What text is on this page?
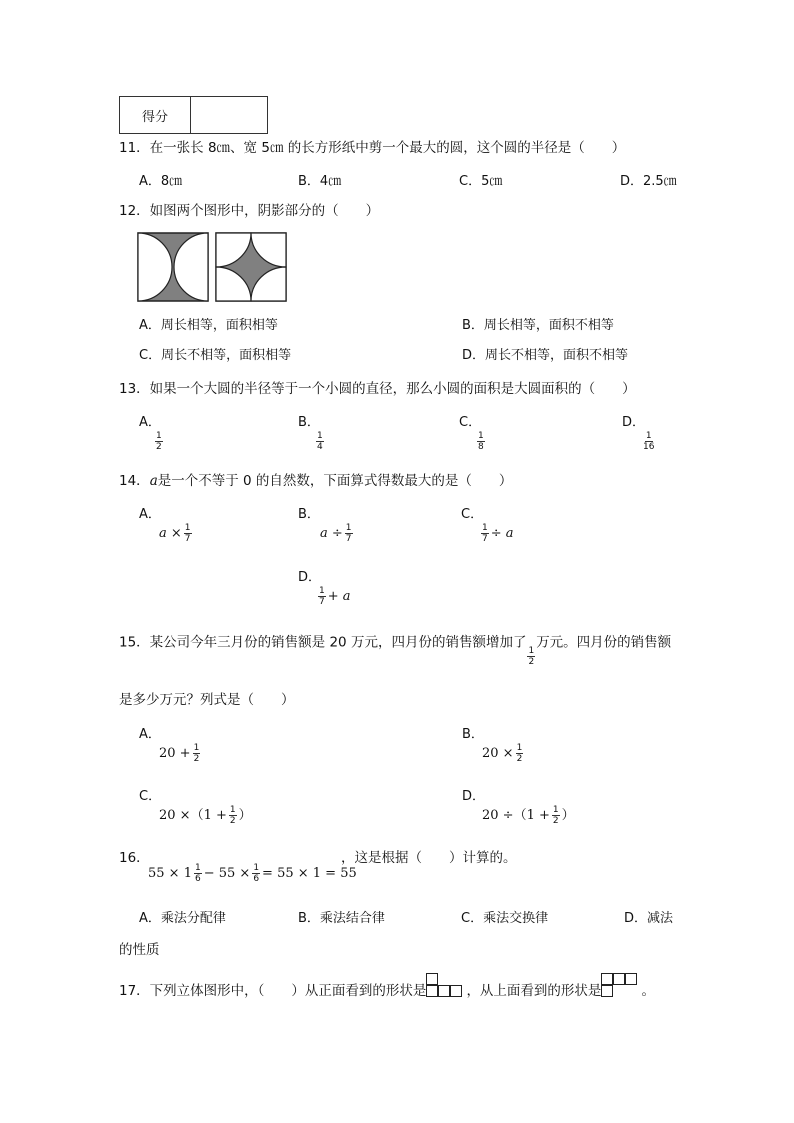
得分	
11．在一张长 8㎝、宽 5㎝ 的长方形纸中剪一个最大的圆，这个圆的半径是（　　）
A．8㎝	B．4㎝	C．5㎝	D．2.5㎝
12．如图两个图形中，阴影部分的（　　）
A．周长相等，面积相等	B．周长相等，面积不相等
C．周长不相等，面积相等	D．周长不相等，面积不相等
13．如果一个大圆的半径等于一个小圆的直径，那么小圆的面积是大圆面积的（　　）
A．

$\frac{1}{2}$
B．

$\frac{1}{4}$
C．

$\frac{1}{8}$
D．

$\frac{1}{16}$
14．a是一个不等于 0 的自然数，下面算式得数最大的是（　　）
A．
$a \times \frac{1}{7}$
B．
$a \div \frac{1}{7}$
C．

$\frac{1}{7} \div a$
D．

$\frac{1}{7} + a$
15．某公司今年三月份的销售额是 20 万元，四月份的销售额增加了
$\frac{1}{2}$
万元。四月份的销售额
是多少万元？列式是（　　）
A．
$20 + \frac{1}{2}$
B．
$20 \times \frac{1}{2}$
C．
$20 \times(1 + \frac{1}{2}$ ）
D．
$20 \div(1 + \frac{1}{2}$ ）
16．
$55 \times 1 \frac{1}{6} - 55 \times \frac{1}{6} = 55 \times 1 = 55$
，这是根据（　　）计算的。
A．乘法分配律	B．乘法结合律	C．乘法交换律	D．减法
的性质
17．下列立体图形中，（　　）从正面看到的形状是	，从上面看到的形状是	。
